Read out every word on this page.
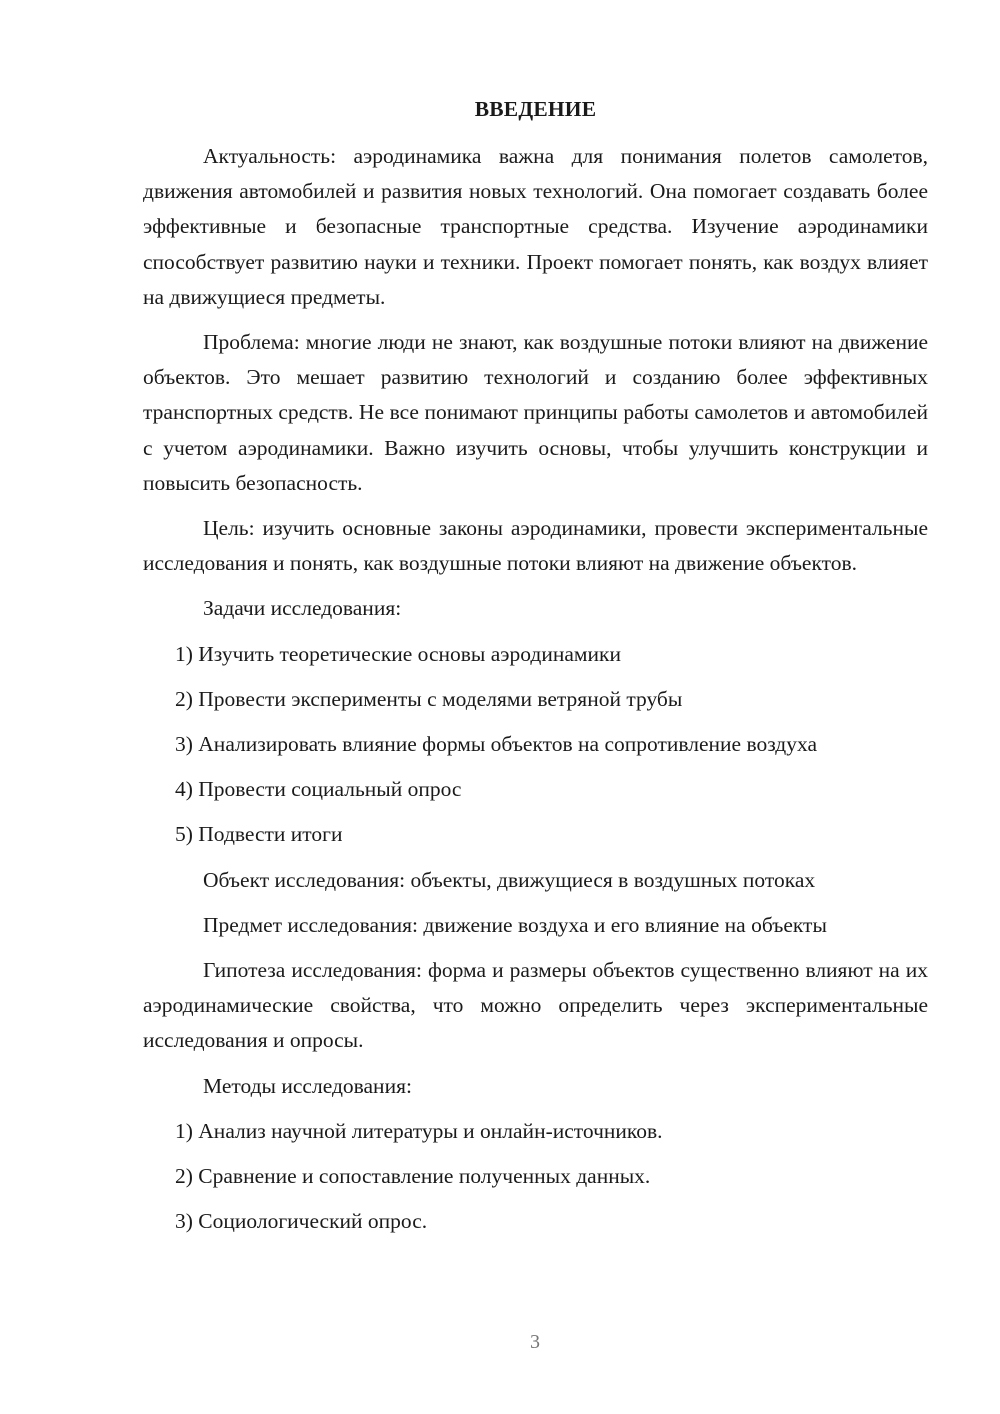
ВВЕДЕНИЕ

Актуальность: аэродинамика важна для понимания полетов самолетов, движения автомобилей и развития новых технологий. Она помогает создавать более эффективные и безопасные транспортные средства. Изучение аэродинамики способствует развитию науки и техники. Проект помогает понять, как воздух влияет на движущиеся предметы.

Проблема: многие люди не знают, как воздушные потоки влияют на движение объектов. Это мешает развитию технологий и созданию более эффективных транспортных средств. Не все понимают принципы работы самолетов и автомобилей с учетом аэродинамики. Важно изучить основы, чтобы улучшить конструкции и повысить безопасность.

Цель: изучить основные законы аэродинамики, провести экспериментальные исследования и понять, как воздушные потоки влияют на движение объектов.

Задачи исследования:

1) Изучить теоретические основы аэродинамики

2) Провести эксперименты с моделями ветряной трубы

3) Анализировать влияние формы объектов на сопротивление воздуха

4) Провести социальный опрос

5) Подвести итоги

Объект исследования: объекты, движущиеся в воздушных потоках

Предмет исследования: движение воздуха и его влияние на объекты

Гипотеза исследования: форма и размеры объектов существенно влияют на их аэродинамические свойства, что можно определить через экспериментальные исследования и опросы.

Методы исследования:

1) Анализ научной литературы и онлайн-источников.

2) Сравнение и сопоставление полученных данных.

3) Социологический опрос.

3
